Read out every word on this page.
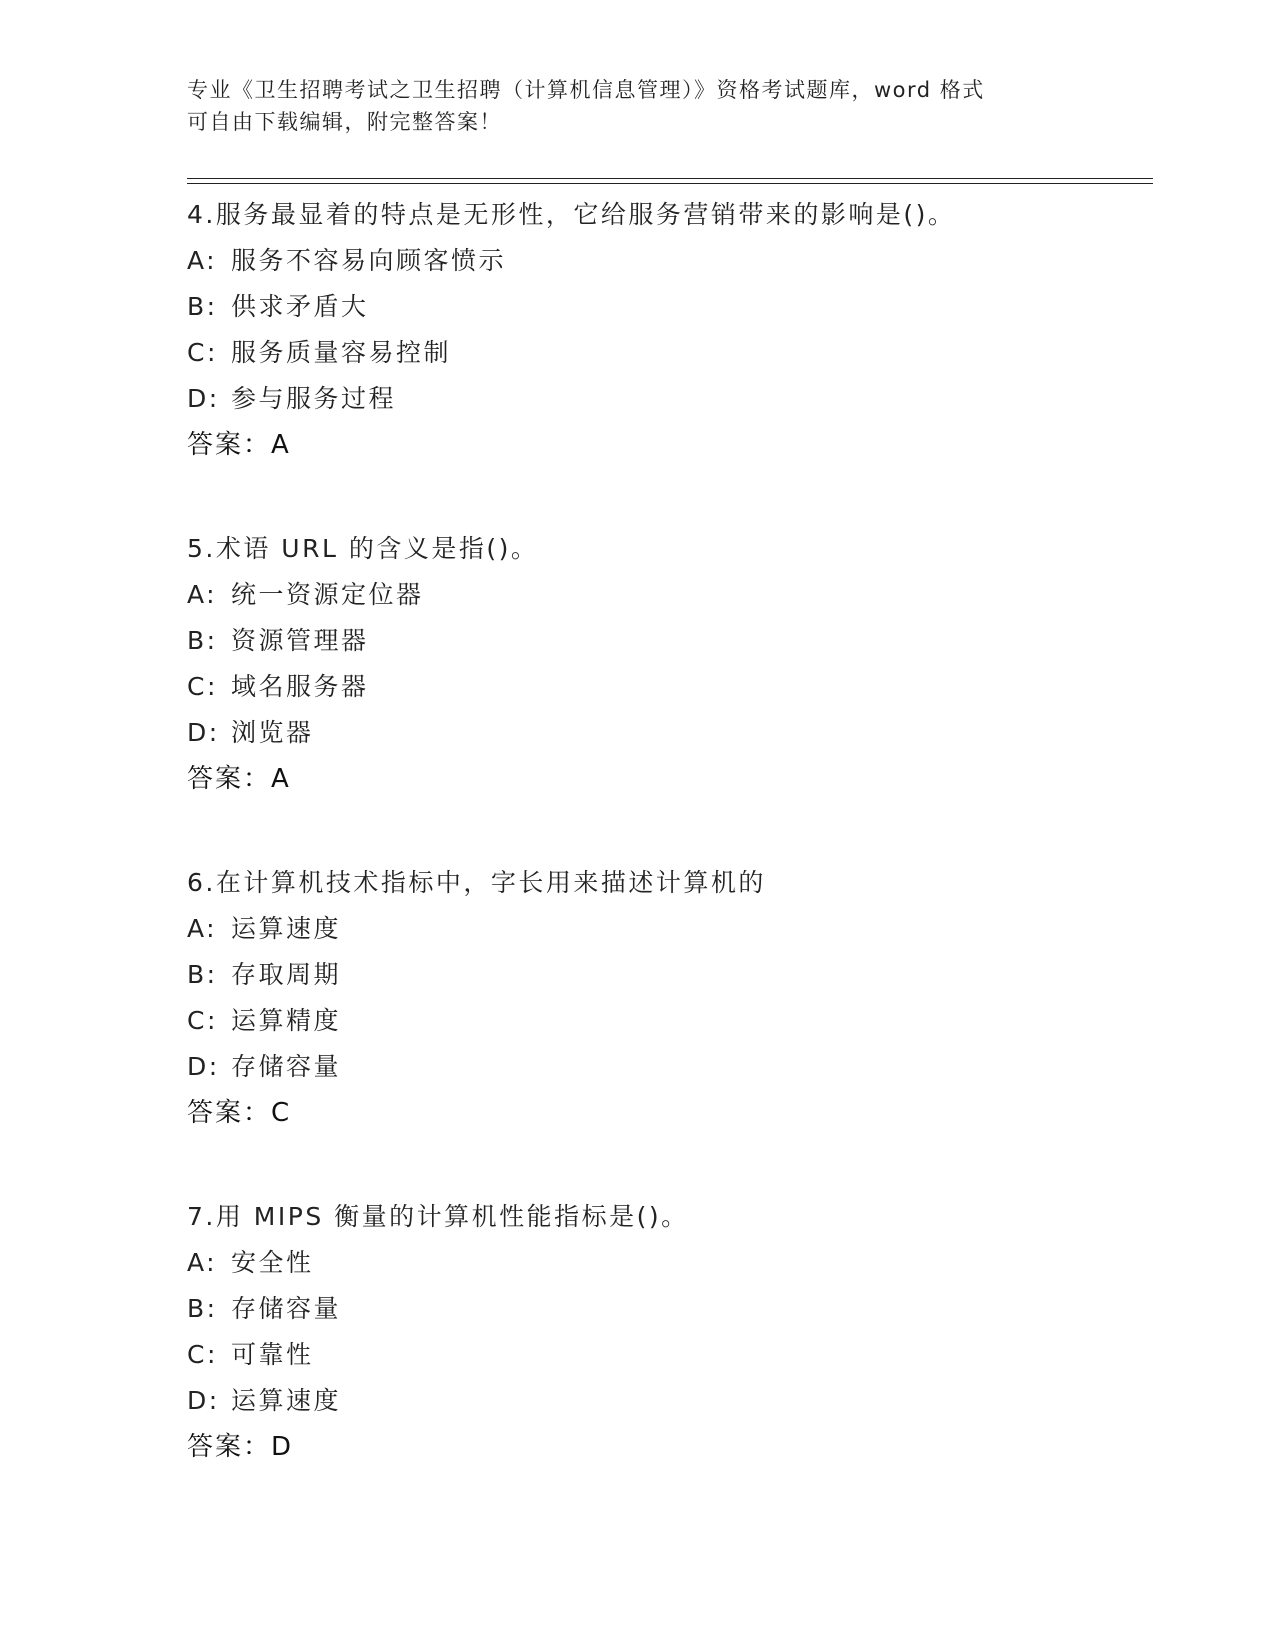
专业《卫生招聘考试之卫生招聘（计算机信息管理）》资格考试题库，word 格式
可自由下载编辑，附完整答案！
4.服务最显着的特点是无形性，它给服务营销带来的影响是()。
A: 服务不容易向顾客愤示
B: 供求矛盾大
C: 服务质量容易控制
D: 参与服务过程
答案：A
5.术语 URL 的含义是指()。
A: 统一资源定位器
B: 资源管理器
C: 域名服务器
D: 浏览器
答案：A
6.在计算机技术指标中，字长用来描述计算机的
A: 运算速度
B: 存取周期
C: 运算精度
D: 存储容量
答案：C
7.用 MIPS 衡量的计算机性能指标是()。
A: 安全性
B: 存储容量
C: 可靠性
D: 运算速度
答案：D
